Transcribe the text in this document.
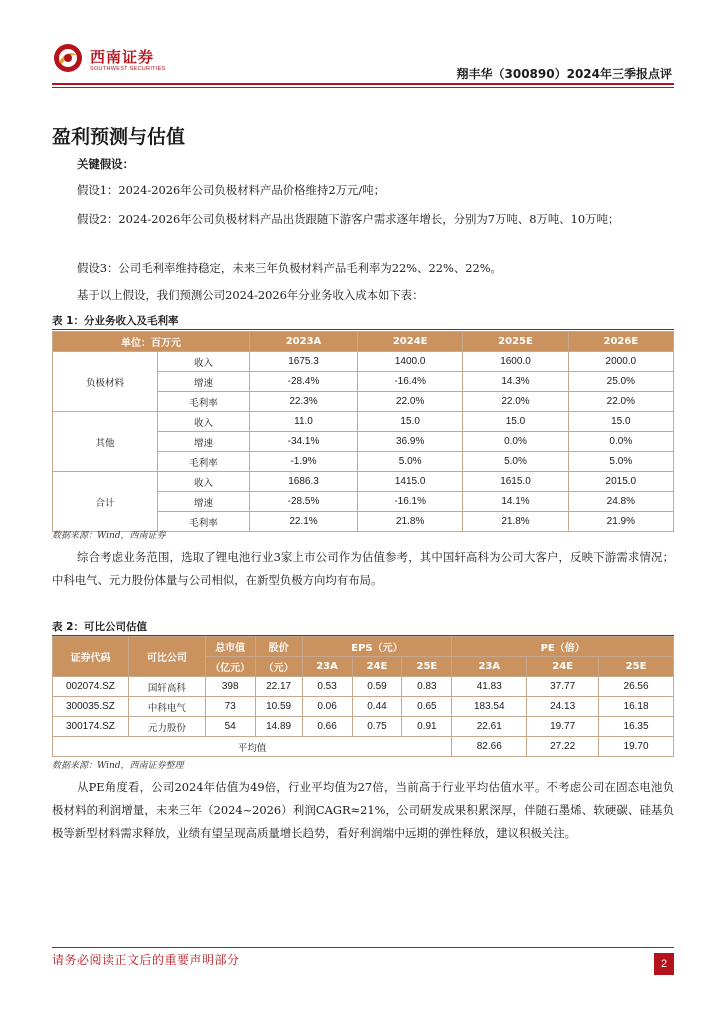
西南证券
SOUTHWEST SECURITIES	翔丰华（300890）2024年三季报点评
盈利预测与估值
关键假设：
假设1：2024-2026年公司负极材料产品价格维持2万元/吨；
假设2：2024-2026年公司负极材料产品出货跟随下游客户需求逐年增长，分别为7万吨、8万吨、10万吨；
假设3：公司毛利率维持稳定，未来三年负极材料产品毛利率为22%、22%、22%。
基于以上假设，我们预测公司2024-2026年分业务收入成本如下表：
表 1：分业务收入及毛利率
单位：百万元		2023A	2024E	2025E	2026E
负极材料	收入	1675.3	1400.0	1600.0	2000.0
	增速	-28.4%	-16.4%	14.3%	25.0%
	毛利率	22.3%	22.0%	22.0%	22.0%
其他	收入	11.0	15.0	15.0	15.0
	增速	-34.1%	36.9%	0.0%	0.0%
	毛利率	-1.9%	5.0%	5.0%	5.0%
合计	收入	1686.3	1415.0	1615.0	2015.0
	增速	-28.5%	-16.1%	14.1%	24.8%
	毛利率	22.1%	21.8%	21.8%	21.9%
数据来源：Wind，西南证券
综合考虑业务范围，选取了锂电池行业3家上市公司作为估值参考，其中国轩高科为公司大客户，反映下游需求情况；中科电气、元力股份体量与公司相似，在新型负极方向均有布局。
表 2：可比公司估值
证券代码	可比公司	总市值	股价	EPS（元）			PE（倍）		
		（亿元）	（元）	23A	24E	25E	23A	24E	25E
002074.SZ	国轩高科	398	22.17	0.53	0.59	0.83	41.83	37.77	26.56
300035.SZ	中科电气	73	10.59	0.06	0.44	0.65	183.54	24.13	16.18
300174.SZ	元力股份	54	14.89	0.66	0.75	0.91	22.61	19.77	16.35
平均值							82.66	27.22	19.70
数据来源：Wind，西南证券整理
从PE角度看，公司2024年估值为49倍，行业平均值为27倍，当前高于行业平均估值水平。不考虑公司在固态电池负极材料的利润增量，未来三年（2024~2026）利润CAGR≈21%，公司研发成果积累深厚，伴随石墨烯、软硬碳、硅基负极等新型材料需求释放，业绩有望呈现高质量增长趋势，看好利润端中远期的弹性释放，建议积极关注。
请务必阅读正文后的重要声明部分	2
